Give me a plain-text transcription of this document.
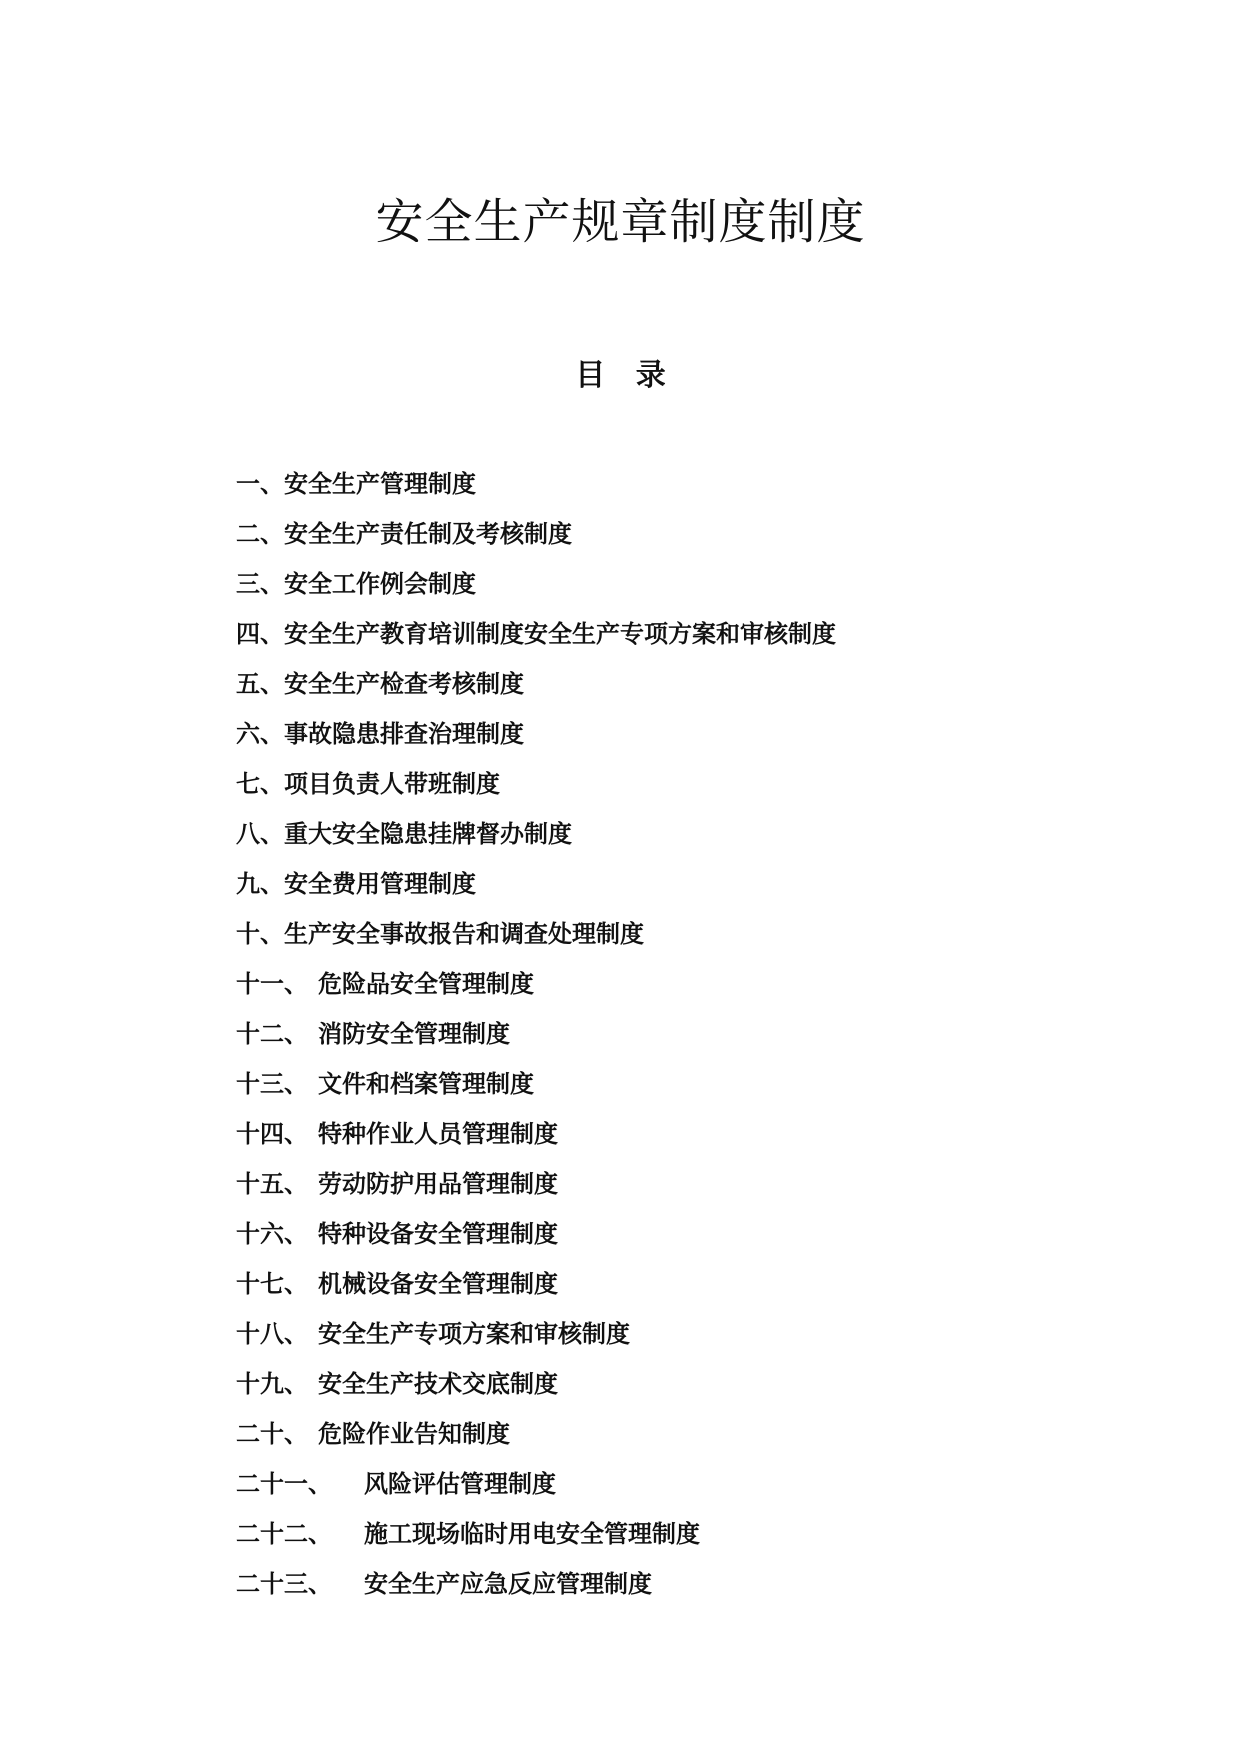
安全生产规章制度制度
目 录
一、 安全生产管理制度
二、 安全生产责任制及考核制度
三、 安全工作例会制度
四、 安全生产教育培训制度安全生产专项方案和审核制度
五、 安全生产检查考核制度
六、 事故隐患排查治理制度
七、 项目负责人带班制度
八、 重大安全隐患挂牌督办制度
九、 安全费用管理制度
十、 生产安全事故报告和调查处理制度
十一、 危险品安全管理制度
十二、 消防安全管理制度
十三、 文件和档案管理制度
十四、 特种作业人员管理制度
十五、 劳动防护用品管理制度
十六、 特种设备安全管理制度
十七、 机械设备安全管理制度
十八、 安全生产专项方案和审核制度
十九、 安全生产技术交底制度
二十、 危险作业告知制度
二十一、	风险评估管理制度
二十二、	施工现场临时用电安全管理制度
二十三、	安全生产应急反应管理制度
